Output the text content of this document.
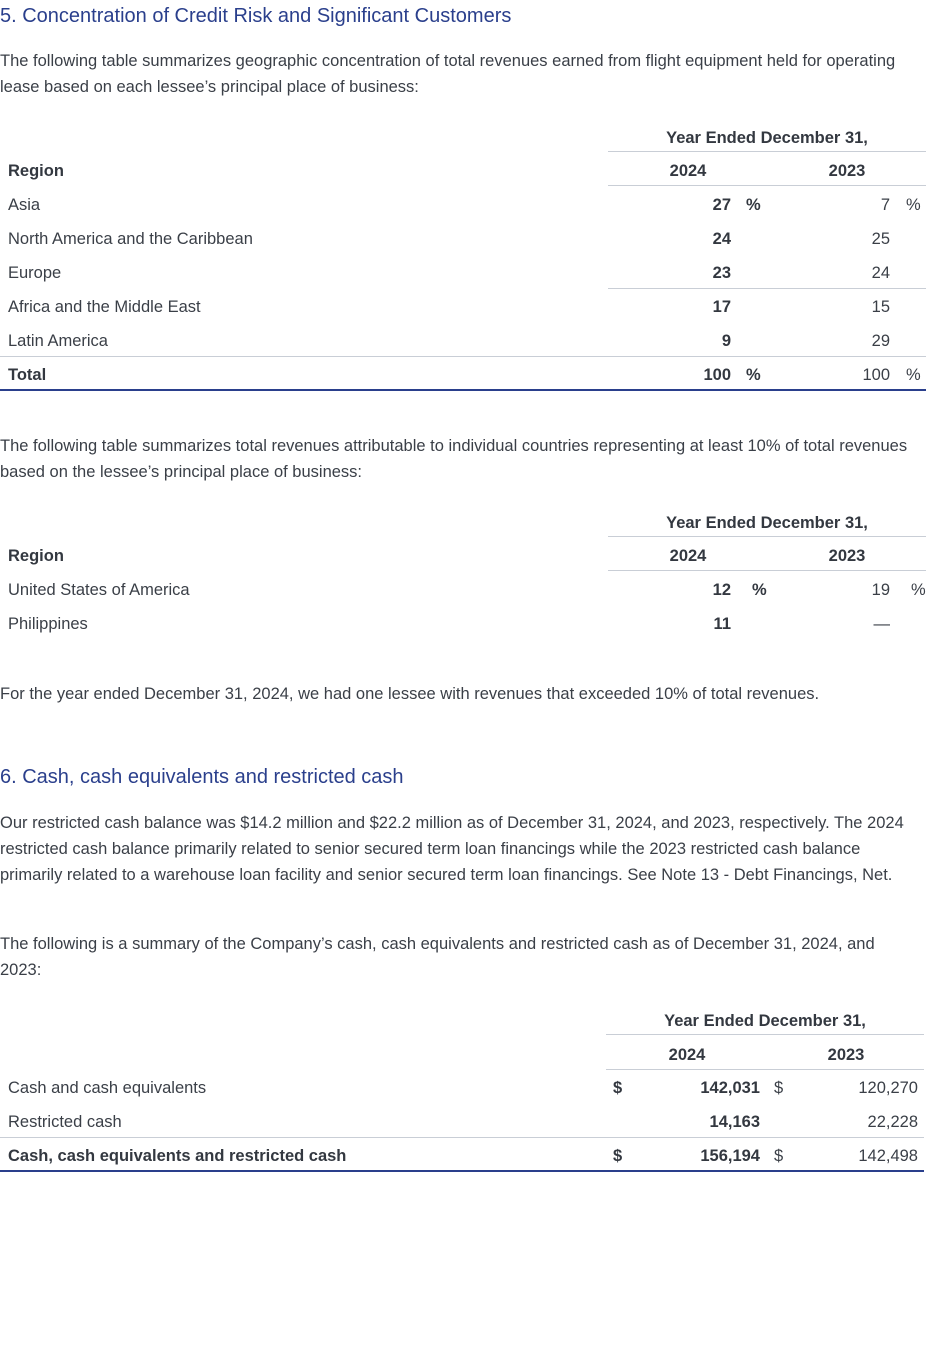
5. Concentration of Credit Risk and Significant Customers
The following table summarizes geographic concentration of total revenues earned from flight equipment held for operating lease based on each lessee’s principal place of business:
Year Ended December 31,
Region	2024	2023
Asia	27 %	7 %
North America and the Caribbean	24	25
Europe	23	24
Africa and the Middle East	17	15
Latin America	9	29
Total	100 %	100 %
The following table summarizes total revenues attributable to individual countries representing at least 10% of total revenues based on the lessee’s principal place of business:
Year Ended December 31,
Region	2024	2023
United States of America	12 %	19 %
Philippines	11	—
For the year ended December 31, 2024, we had one lessee with revenues that exceeded 10% of total revenues.
6. Cash, cash equivalents and restricted cash
Our restricted cash balance was $14.2 million and $22.2 million as of December 31, 2024, and 2023, respectively. The 2024 restricted cash balance primarily related to senior secured term loan financings while the 2023 restricted cash balance primarily related to a warehouse loan facility and senior secured term loan financings. See Note 13 - Debt Financings, Net.
The following is a summary of the Company’s cash, cash equivalents and restricted cash as of December 31, 2024, and 2023:
Year Ended December 31,
2024	2023
Cash and cash equivalents	$	142,031 $	120,270
Restricted cash	14,163	22,228
Cash, cash equivalents and restricted cash	$	156,194 $	142,498
